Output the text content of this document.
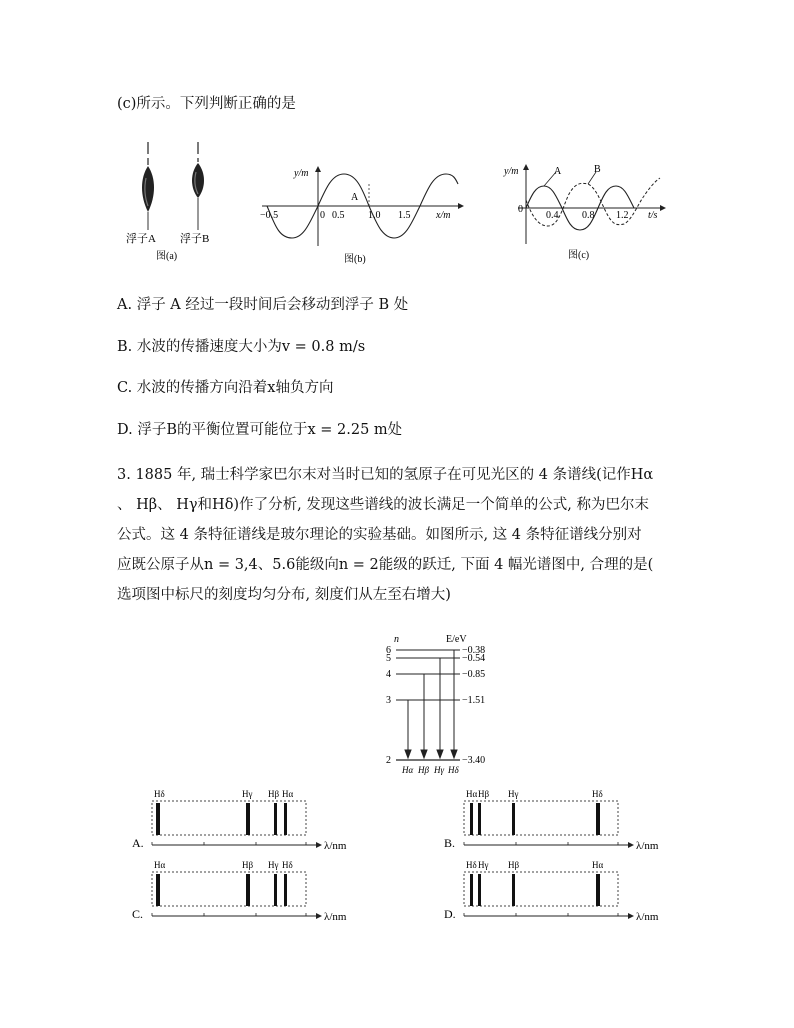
(c)所示。下列判断正确的是
浮子A 浮子B
图(a)
y/m
A
−0.5	0 0.5 1.0 1.5	x/m
图(b)
y/m	A	B
0
0.4 0.8 1.2 t/s
图(c)
A. 浮子 A 经过一段时间后会移动到浮子 B 处
B. 水波的传播速度大小为v = 0.8 m/s
C. 水波的传播方向沿着x轴负方向
D. 浮子B的平衡位置可能位于x = 2.25 m处
3. 1885 年, 瑞士科学家巴尔末对当时已知的氢原子在可见光区的 4 条谱线(记作Hα
、 Hβ、 Hγ和Hδ)作了分析, 发现这些谱线的波长满足一个简单的公式, 称为巴尔末
公式。这 4 条特征谱线是玻尔理论的实验基础。如图所示, 这 4 条特征谱线分别对
应既公原子从n = 3,4、5.6能级向n = 2能级的跃迁, 下面 4 幅光谱图中, 合理的是(
选项图中标尺的刻度均匀分布, 刻度们从左至右增大)
n	E/eV
6
5
4
3
2
−0.38
−0.54
−0.85
−1.51
−3.40
Hα Hβ Hγ Hδ
Hδ	Hγ Hβ Hα
A.	λ/nm
Hα Hβ Hγ	Hδ
B.	λ/nm
Hα	Hβ Hγ Hδ
C.	λ/nm
Hδ Hγ Hβ	Hα
D.	λ/nm
